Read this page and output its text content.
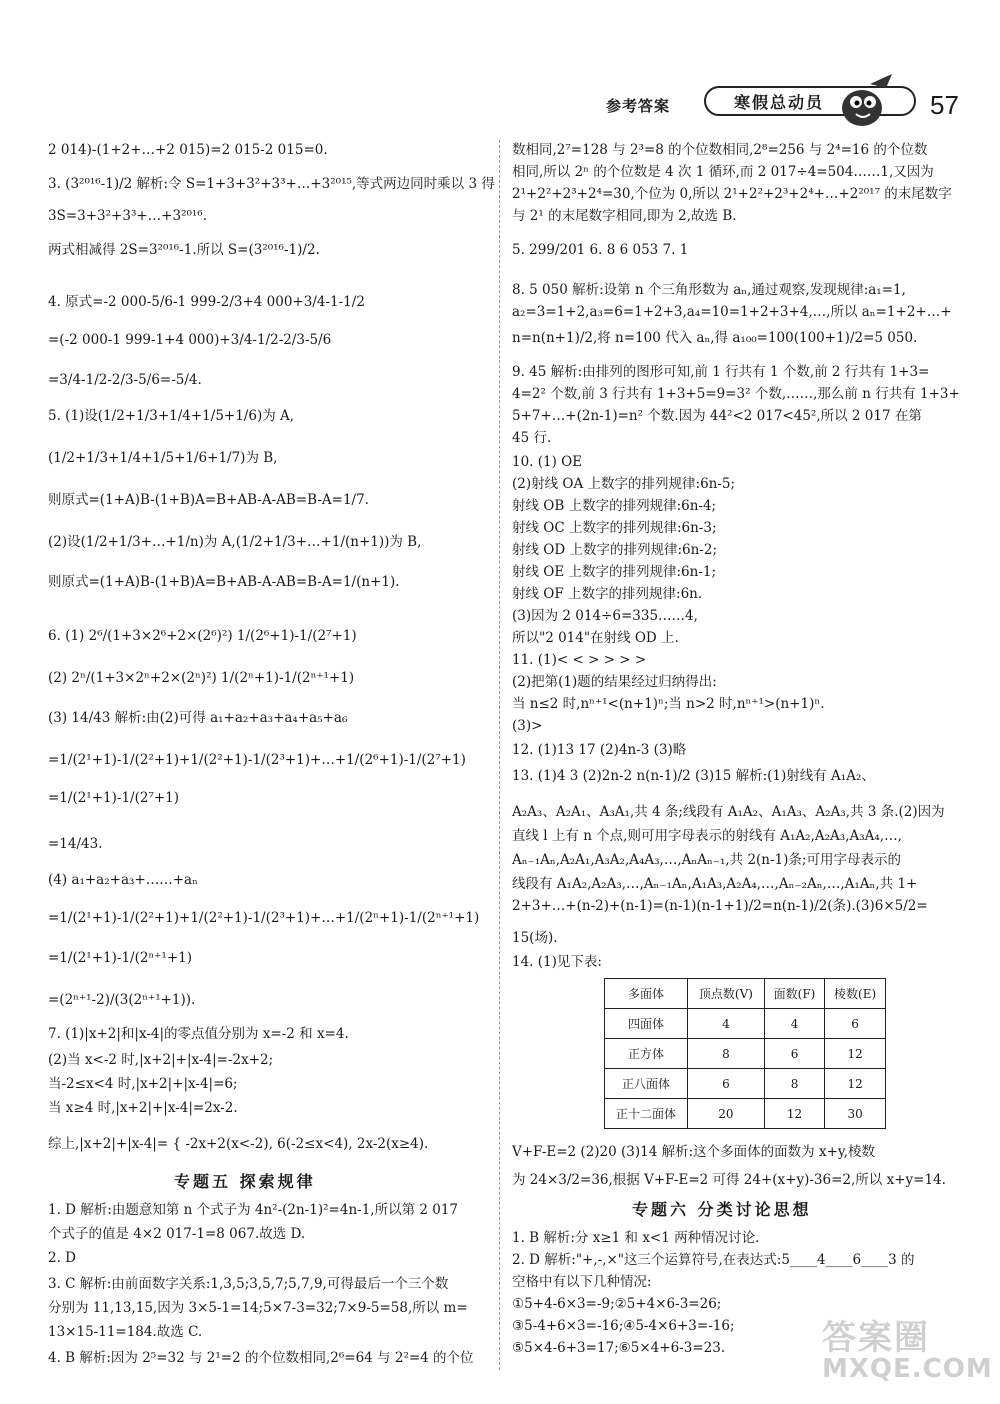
参考答案	寒假总动员	57
2 014)-(1+2+…+2 015)=2 015-2 015=0.
3. (3²⁰¹⁶-1)/2 解析:令 S=1+3+3²+3³+…+3²⁰¹⁵,等式两边同时乘以 3 得
3S=3+3²+3³+…+3²⁰¹⁶.
两式相减得 2S=3²⁰¹⁶-1.所以 S=(3²⁰¹⁶-1)/2.
4. 原式=-2 000-5/6-1 999-2/3+4 000+3/4-1-1/2
=(-2 000-1 999-1+4 000)+3/4-1/2-2/3-5/6
=3/4-1/2-2/3-5/6=-5/4.
5. (1)设(1/2+1/3+1/4+1/5+1/6)为 A,
(1/2+1/3+1/4+1/5+1/6+1/7)为 B,
则原式=(1+A)B-(1+B)A=B+AB-A-AB=B-A=1/7.
(2)设(1/2+1/3+…+1/n)为 A,(1/2+1/3+…+1/(n+1))为 B,
则原式=(1+A)B-(1+B)A=B+AB-A-AB=B-A=1/(n+1).
6. (1) 2⁶/(1+3×2⁶+2×(2⁶)²) 1/(2⁶+1)-1/(2⁷+1)
(2) 2ⁿ/(1+3×2ⁿ+2×(2ⁿ)²) 1/(2ⁿ+1)-1/(2ⁿ⁺¹+1)
(3) 14/43 解析:由(2)可得 a₁+a₂+a₃+a₄+a₅+a₆
=1/(2¹+1)-1/(2²+1)+1/(2²+1)-1/(2³+1)+…+1/(2⁶+1)-1/(2⁷+1)
=1/(2¹+1)-1/(2⁷+1)
=14/43.
(4) a₁+a₂+a₃+……+aₙ
=1/(2¹+1)-1/(2²+1)+1/(2²+1)-1/(2³+1)+…+1/(2ⁿ+1)-1/(2ⁿ⁺¹+1)
=1/(2¹+1)-1/(2ⁿ⁺¹+1)
=(2ⁿ⁺¹-2)/(3(2ⁿ⁺¹+1)).
7. (1)|x+2|和|x-4|的零点值分别为 x=-2 和 x=4.
(2)当 x<-2 时,|x+2|+|x-4|=-2x+2;
当-2≤x<4 时,|x+2|+|x-4|=6;
当 x≥4 时,|x+2|+|x-4|=2x-2.
综上,|x+2|+|x-4|= { -2x+2(x<-2), 6(-2≤x<4), 2x-2(x≥4).
专题五 探索规律
1. D 解析:由题意知第 n 个式子为 4n²-(2n-1)²=4n-1,所以第 2 017
个式子的值是 4×2 017-1=8 067.故选 D.
2. D
3. C 解析:由前面数字关系:1,3,5;3,5,7;5,7,9,可得最后一个三个数
分别为 11,13,15,因为 3×5-1=14;5×7-3=32;7×9-5=58,所以 m=
13×15-11=184.故选 C.
4. B 解析:因为 2⁵=32 与 2¹=2 的个位数相同,2⁶=64 与 2²=4 的个位
数相同,2⁷=128 与 2³=8 的个位数相同,2⁸=256 与 2⁴=16 的个位数
相同,所以 2ⁿ 的个位数是 4 次 1 循环,而 2 017÷4=504……1,又因为
2¹+2²+2³+2⁴=30,个位为 0,所以 2¹+2²+2³+2⁴+…+2²⁰¹⁷ 的末尾数字
与 2¹ 的末尾数字相同,即为 2,故选 B.
5. 299/201 6. 8 6 053 7. 1
8. 5 050 解析:设第 n 个三角形数为 aₙ,通过观察,发现规律:a₁=1,
a₂=3=1+2,a₃=6=1+2+3,a₄=10=1+2+3+4,…,所以 aₙ=1+2+…+
n=n(n+1)/2,将 n=100 代入 aₙ,得 a₁₀₀=100(100+1)/2=5 050.
9. 45 解析:由排列的图形可知,前 1 行共有 1 个数,前 2 行共有 1+3=
4=2² 个数,前 3 行共有 1+3+5=9=3² 个数,……,那么前 n 行共有 1+3+
5+7+…+(2n-1)=n² 个数.因为 44²<2 017<45²,所以 2 017 在第
45 行.
10. (1) OE
(2)射线 OA 上数字的排列规律:6n-5;
射线 OB 上数字的排列规律:6n-4;
射线 OC 上数字的排列规律:6n-3;
射线 OD 上数字的排列规律:6n-2;
射线 OE 上数字的排列规律:6n-1;
射线 OF 上数字的排列规律:6n.
(3)因为 2 014÷6=335……4,
所以"2 014"在射线 OD 上.
11. (1)< < > > > >
(2)把第(1)题的结果经过归纳得出:
当 n≤2 时,nⁿ⁺¹<(n+1)ⁿ;当 n>2 时,nⁿ⁺¹>(n+1)ⁿ.
(3)>
12. (1)13 17 (2)4n-3 (3)略
13. (1)4 3 (2)2n-2 n(n-1)/2 (3)15 解析:(1)射线有 A₁A₂、
A₂A₃、A₂A₁、A₃A₁,共 4 条;线段有 A₁A₂、A₁A₃、A₂A₃,共 3 条.(2)因为
直线 l 上有 n 个点,则可用字母表示的射线有 A₁A₂,A₂A₃,A₃A₄,…,
Aₙ₋₁Aₙ,A₂A₁,A₃A₂,A₄A₃,…,AₙAₙ₋₁,共 2(n-1)条;可用字母表示的
线段有 A₁A₂,A₂A₃,…,Aₙ₋₁Aₙ,A₁A₃,A₂A₄,…,Aₙ₋₂Aₙ,…,A₁Aₙ,共 1+
2+3+…+(n-2)+(n-1)=(n-1)(n-1+1)/2=n(n-1)/2(条).(3)6×5/2=
15(场).
14. (1)见下表:
多面体	顶点数(V)	面数(F)	棱数(E)
四面体	4	4	6
正方体	8	6	12
正八面体	6	8	12
正十二面体	20	12	30
V+F-E=2 (2)20 (3)14 解析:这个多面体的面数为 x+y,棱数
为 24×3/2=36,根据 V+F-E=2 可得 24+(x+y)-36=2,所以 x+y=14.
专题六 分类讨论思想
1. B 解析:分 x≥1 和 x<1 两种情况讨论.
2. D 解析:"+,-,×"这三个运算符号,在表达式:5____4____6____3 的
空格中有以下几种情况:
①5+4-6×3=-9;②5+4×6-3=26;
③5-4+6×3=-16;④5-4×6+3=-16;
⑤5×4-6+3=17;⑥5×4+6-3=23.	答案圈
MXQE.COM
